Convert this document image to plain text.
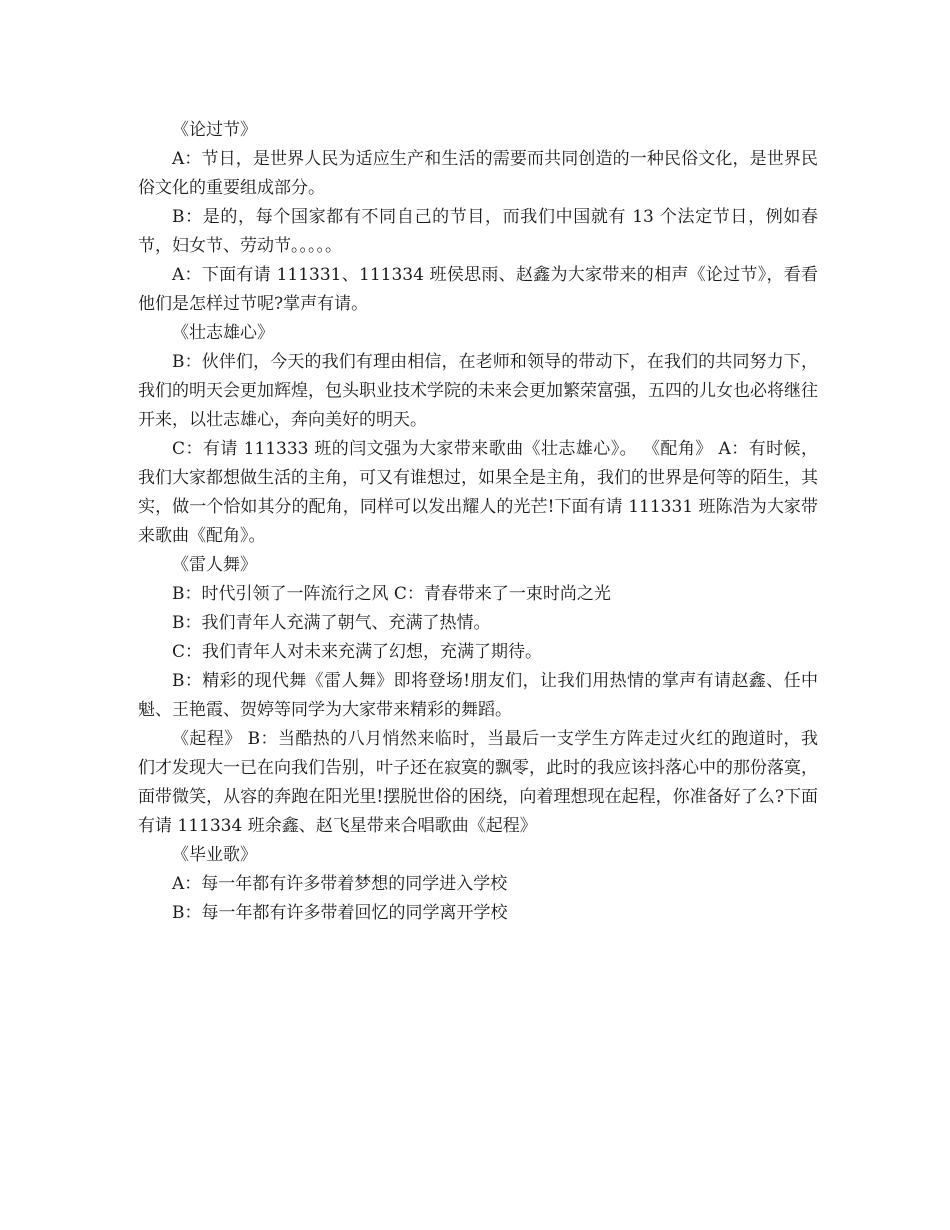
《论过节》

A：节日，是世界人民为适应生产和生活的需要而共同创造的一种民俗文化，是世界民俗文化的重要组成部分。

B：是的，每个国家都有不同自己的节目，而我们中国就有 13 个法定节日，例如春节，妇女节、劳动节。。。。。

A：下面有请 111331、111334 班侯思雨、赵鑫为大家带来的相声《论过节》，看看他们是怎样过节呢?掌声有请。

《壮志雄心》

B：伙伴们，今天的我们有理由相信，在老师和领导的带动下，在我们的共同努力下，我们的明天会更加辉煌，包头职业技术学院的未来会更加繁荣富强，五四的儿女也必将继往开来，以壮志雄心，奔向美好的明天。

C：有请 111333 班的闫文强为大家带来歌曲《壮志雄心》。 《配角》 A：有时候，我们大家都想做生活的主角，可又有谁想过，如果全是主角，我们的世界是何等的陌生，其实，做一个恰如其分的配角，同样可以发出耀人的光芒!下面有请 111331 班陈浩为大家带来歌曲《配角》。

《雷人舞》

B：时代引领了一阵流行之风 C：青春带来了一束时尚之光

B：我们青年人充满了朝气、充满了热情。

C：我们青年人对未来充满了幻想，充满了期待。

B：精彩的现代舞《雷人舞》即将登场!朋友们，让我们用热情的掌声有请赵鑫、任中魁、王艳霞、贺婷等同学为大家带来精彩的舞蹈。

《起程》 B：当酷热的八月悄然来临时，当最后一支学生方阵走过火红的跑道时，我们才发现大一已在向我们告别，叶子还在寂寞的飘零，此时的我应该抖落心中的那份落寞，面带微笑，从容的奔跑在阳光里!摆脱世俗的困绕，向着理想现在起程，你准备好了么?下面有请 111334 班余鑫、赵飞星带来合唱歌曲《起程》

《毕业歌》

A：每一年都有许多带着梦想的同学进入学校

B：每一年都有许多带着回忆的同学离开学校
